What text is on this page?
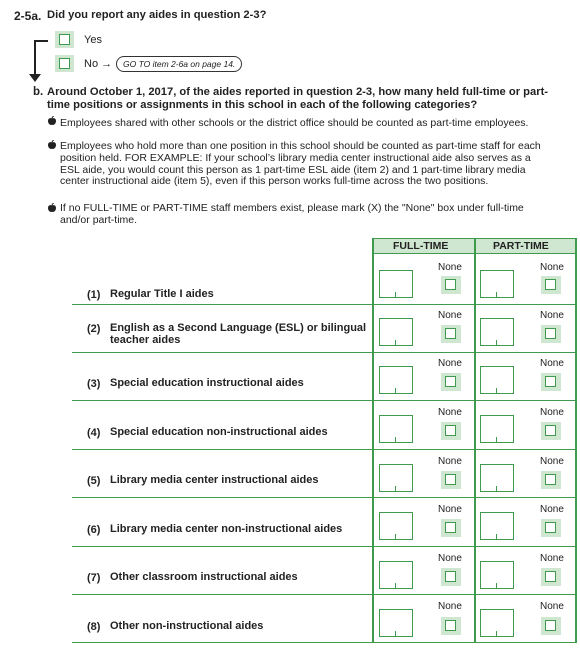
2-5a. Did you report any aides in question 2-3?
Yes
No →	GO TO item 2-6a on page 14.
b. Around October 1, 2017, of the aides reported in question 2-3, how many held full-time or part-time positions or assignments in this school in each of the following categories?
Employees shared with other schools or the district office should be counted as part-time employees.
Employees who hold more than one position in this school should be counted as part-time staff for each position held. FOR EXAMPLE: If your school’s library media center instructional aide also serves as a ESL aide, you would count this person as 1 part-time ESL aide (item 2) and 1 part-time library media center instructional aide (item 5), even if this person works full-time across the two positions.
If no FULL-TIME or PART-TIME staff members exist, please mark (X) the "None" box under full-time and/or part-time.
FULL-TIME	PART-TIME
(1) Regular Title I aides
None	None
(2) English as a Second Language (ESL) or bilingual teacher aides
None	None
(3) Special education instructional aides
None	None
(4) Special education non-instructional aides
None	None
(5) Library media center instructional aides
None	None
(6) Library media center non-instructional aides
None	None
(7) Other classroom instructional aides
None	None
(8) Other non-instructional aides
None	None
